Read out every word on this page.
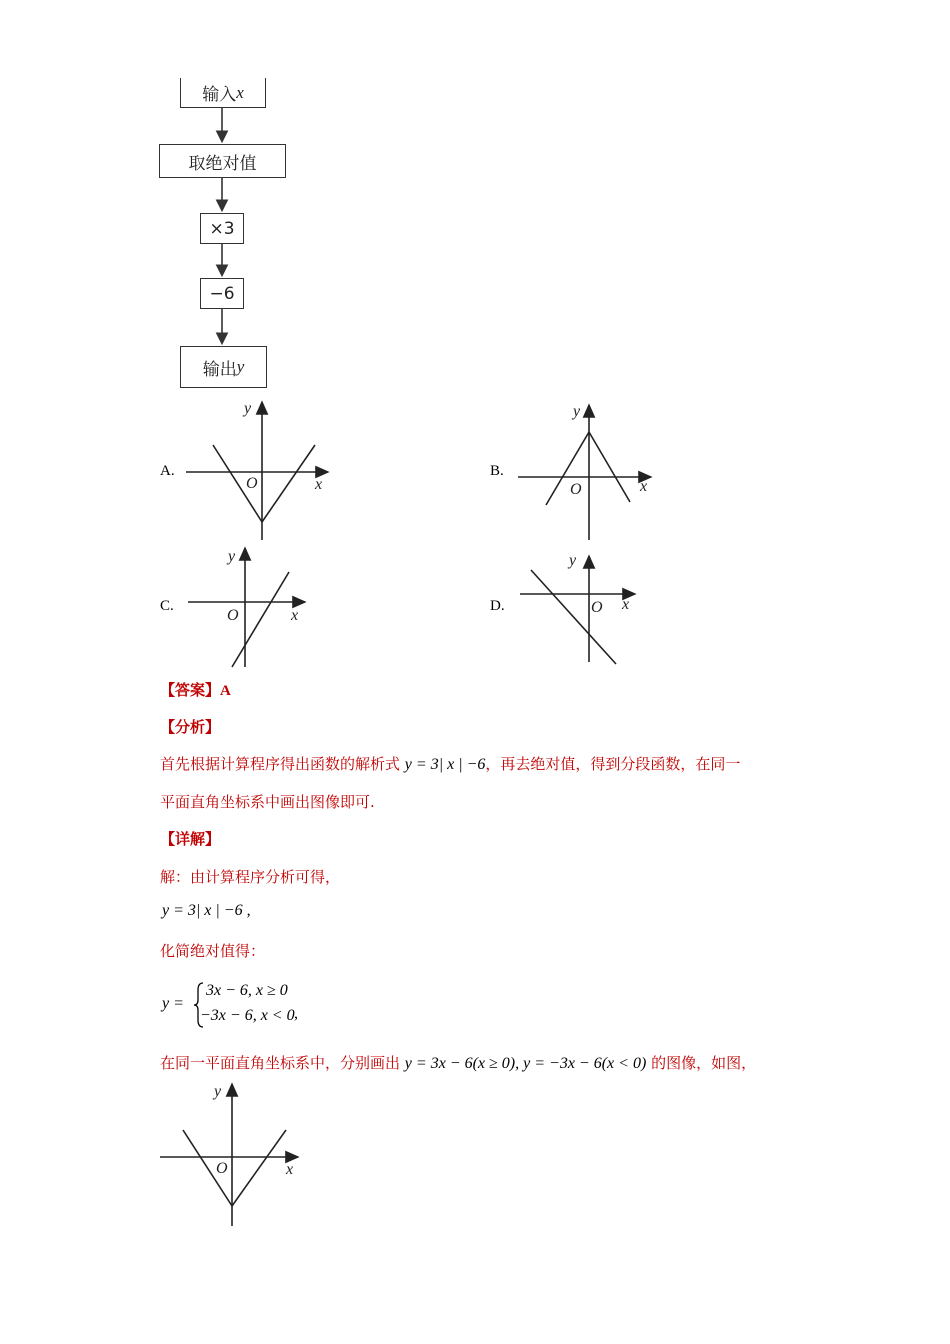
输入 x
取绝对值
×3
−6
输出 y
A.	B.
C.	D.
y
O	x
y
O	x
y
O	x
y
O x
【答案】A
【分析】
首先根据计算程序得出函数的解析式 y = 3| x | −6，再去绝对值，得到分段函数，在同一
平面直角坐标系中画出图像即可.
【详解】
解：由计算程序分析可得，
y = 3| x | −6 ,
化简绝对值得：
y =
3x − 6, x ≥ 0
−3x − 6, x < 0 ,
在同一平面直角坐标系中，分别画出 y = 3x − 6(x ≥ 0), y = −3x − 6(x < 0) 的图像，如图，
y
O	x
